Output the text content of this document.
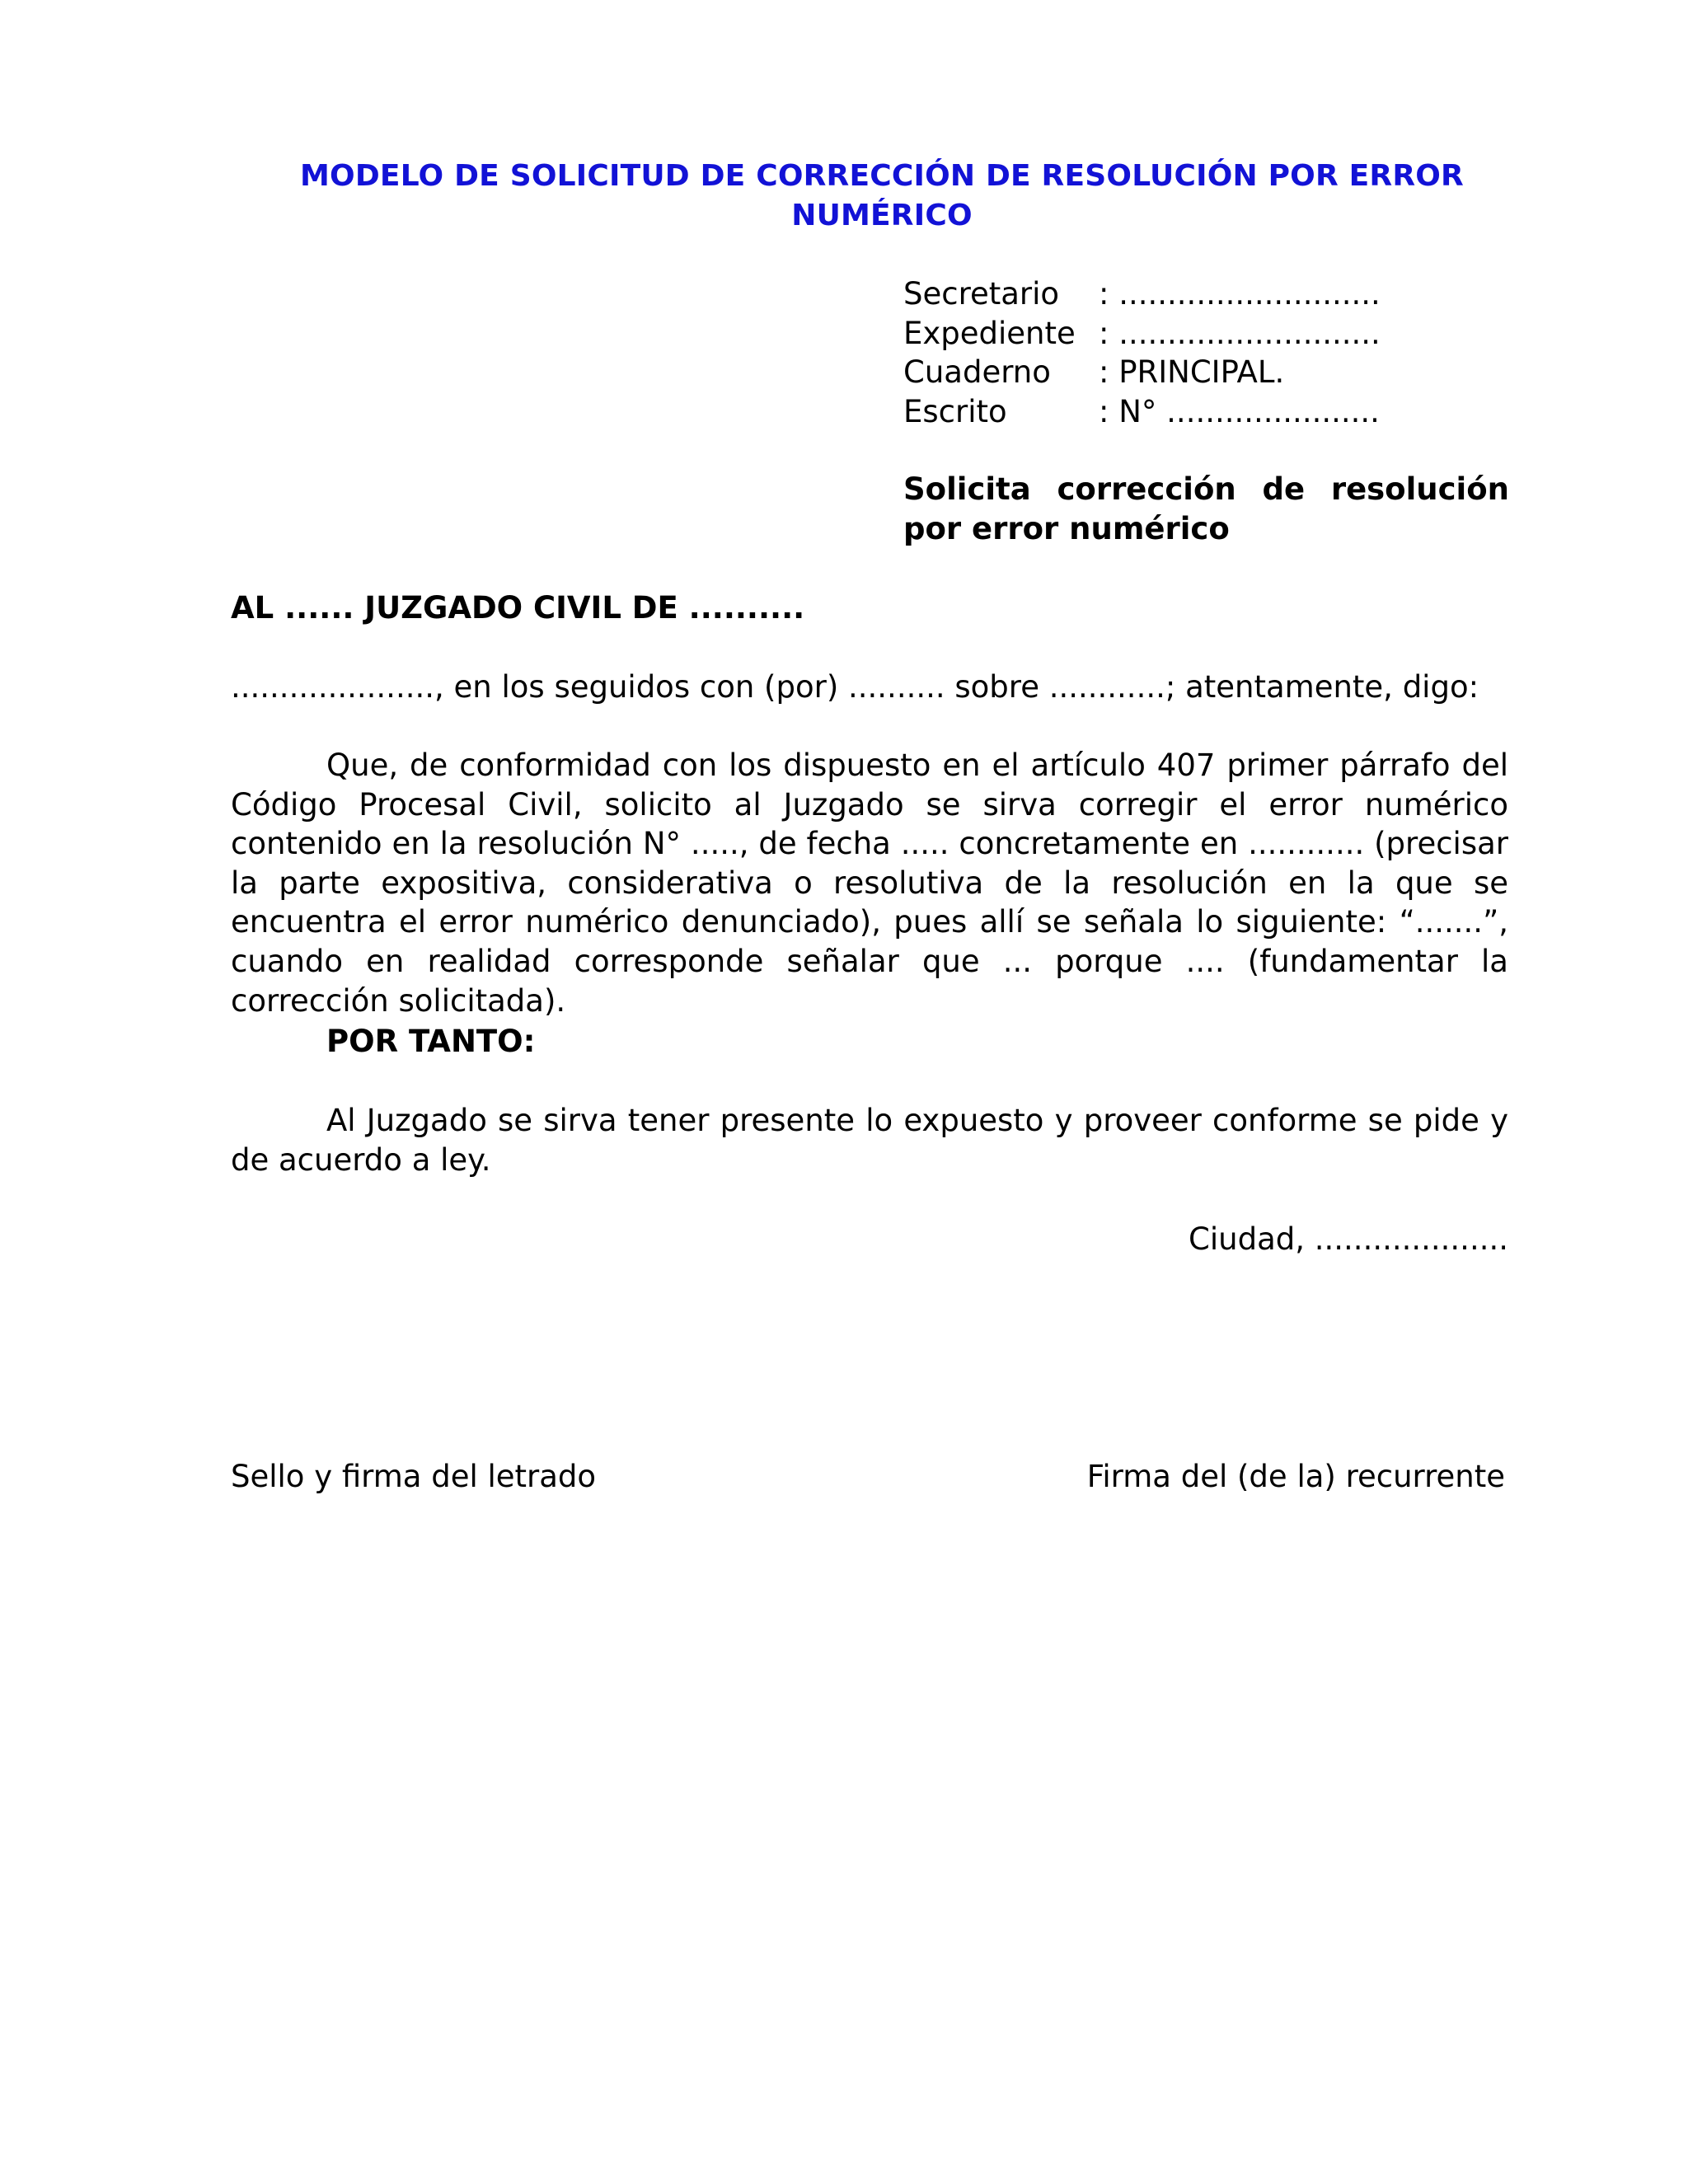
MODELO DE SOLICITUD DE CORRECCIÓN DE RESOLUCIÓN POR ERROR NUMÉRICO
Secretario	: ...........................
Expediente : ...........................
Cuaderno	: PRINCIPAL.
Escrito	: N° ......................
Solicita corrección de resolución por error numérico
AL ...... JUZGADO CIVIL DE ..........
....................., en los seguidos con (por) .......... sobre ............; atentamente, digo:
Que, de conformidad con los dispuesto en el artículo 407 primer párrafo del Código Procesal Civil, solicito al Juzgado se sirva corregir el error numérico contenido en la resolución N° ....., de fecha ..... concretamente en ............ (precisar la parte expositiva, considerativa o resolutiva de la resolución en la que se encuentra el error numérico denunciado), pues allí se señala lo siguiente: “.......”, cuando en realidad corresponde señalar que ... porque .... (fundamentar la corrección solicitada).
POR TANTO:
Al Juzgado se sirva tener presente lo expuesto y proveer conforme se pide y de acuerdo a ley.
Ciudad, ....................
Sello y firma del letrado	Firma del (de la) recurrente
